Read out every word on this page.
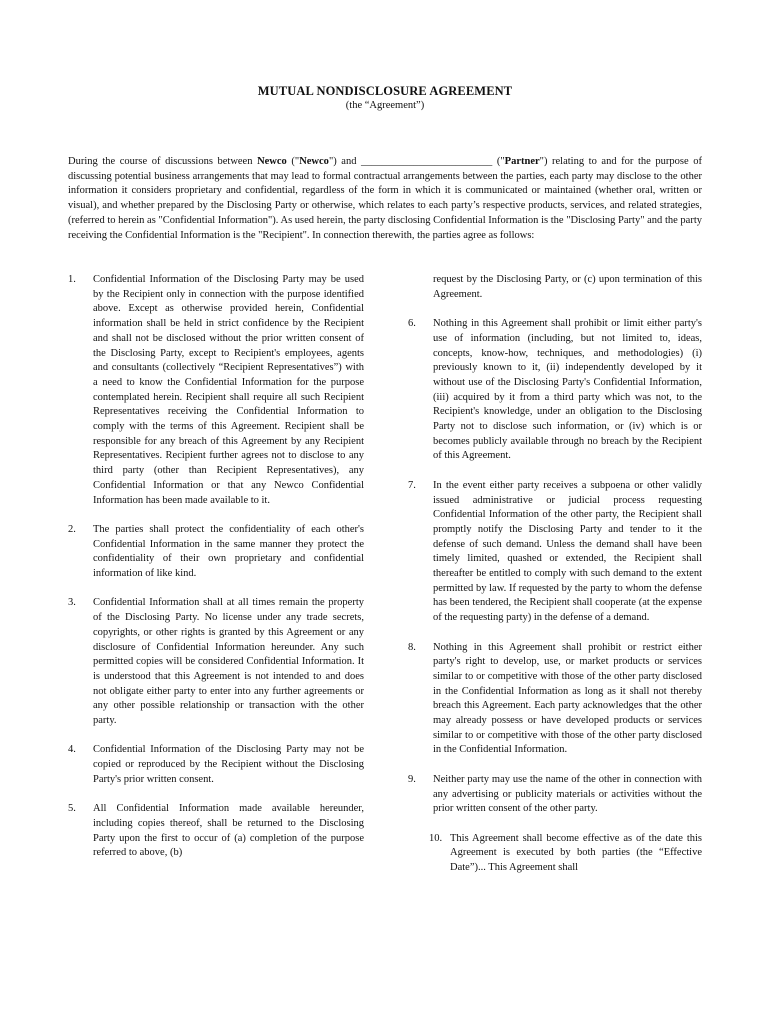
MUTUAL NONDISCLOSURE AGREEMENT
(the “Agreement”)

During the course of discussions between Newco ("Newco") and _________________________ ("Partner") relating to and for the purpose of discussing potential business arrangements that may lead to formal contractual arrangements between the parties, each party may disclose to the other information it considers proprietary and confidential, regardless of the form in which it is communicated or maintained (whether oral, written or visual), and whether prepared by the Disclosing Party or otherwise, which relates to each party’s respective products, services, and related strategies, (referred to herein as "Confidential Information"). As used herein, the party disclosing Confidential Information is the "Disclosing Party" and the party receiving the Confidential Information is the "Recipient". In connection therewith, the parties agree as follows:

1. Confidential Information of the Disclosing Party may be used by the Recipient only in connection with the purpose identified above. Except as otherwise provided herein, Confidential information shall be held in strict confidence by the Recipient and shall not be disclosed without the prior written consent of the Disclosing Party, except to Recipient's employees, agents and consultants (collectively “Recipient Representatives”) with a need to know the Confidential Information for the purpose contemplated herein. Recipient shall require all such Recipient Representatives receiving the Confidential Information to comply with the terms of this Agreement. Recipient shall be responsible for any breach of this Agreement by any Recipient Representatives. Recipient further agrees not to disclose to any third party (other than Recipient Representatives), any Confidential Information or that any Newco Confidential Information has been made available to it.

2. The parties shall protect the confidentiality of each other's Confidential Information in the same manner they protect the confidentiality of their own proprietary and confidential information of like kind.

3. Confidential Information shall at all times remain the property of the Disclosing Party. No license under any trade secrets, copyrights, or other rights is granted by this Agreement or any disclosure of Confidential Information hereunder. Any such permitted copies will be considered Confidential Information. It is understood that this Agreement is not intended to and does not obligate either party to enter into any further agreements or any other possible relationship or transaction with the other party.

4. Confidential Information of the Disclosing Party may not be copied or reproduced by the Recipient without the Disclosing Party's prior written consent.

5. All Confidential Information made available hereunder, including copies thereof, shall be returned to the Disclosing Party upon the first to occur of (a) completion of the purpose referred to above, (b)

request by the Disclosing Party, or (c) upon termination of this Agreement.

6. Nothing in this Agreement shall prohibit or limit either party's use of information (including, but not limited to, ideas, concepts, know-how, techniques, and methodologies) (i) previously known to it, (ii) independently developed by it without use of the Disclosing Party's Confidential Information, (iii) acquired by it from a third party which was not, to the Recipient's knowledge, under an obligation to the Disclosing Party not to disclose such information, or (iv) which is or becomes publicly available through no breach by the Recipient of this Agreement.

7. In the event either party receives a subpoena or other validly issued administrative or judicial process requesting Confidential Information of the other party, the Recipient shall promptly notify the Disclosing Party and tender to it the defense of such demand. Unless the demand shall have been timely limited, quashed or extended, the Recipient shall thereafter be entitled to comply with such demand to the extent permitted by law. If requested by the party to whom the defense has been tendered, the Recipient shall cooperate (at the expense of the requesting party) in the defense of a demand.

8. Nothing in this Agreement shall prohibit or restrict either party's right to develop, use, or market products or services similar to or competitive with those of the other party disclosed in the Confidential Information as long as it shall not thereby breach this Agreement. Each party acknowledges that the other may already possess or have developed products or services similar to or competitive with those of the other party disclosed in the Confidential Information.

9. Neither party may use the name of the other in connection with any advertising or publicity materials or activities without the prior written consent of the other party.

10. This Agreement shall become effective as of the date this Agreement is executed by both parties (the “Effective Date”)... This Agreement shall
